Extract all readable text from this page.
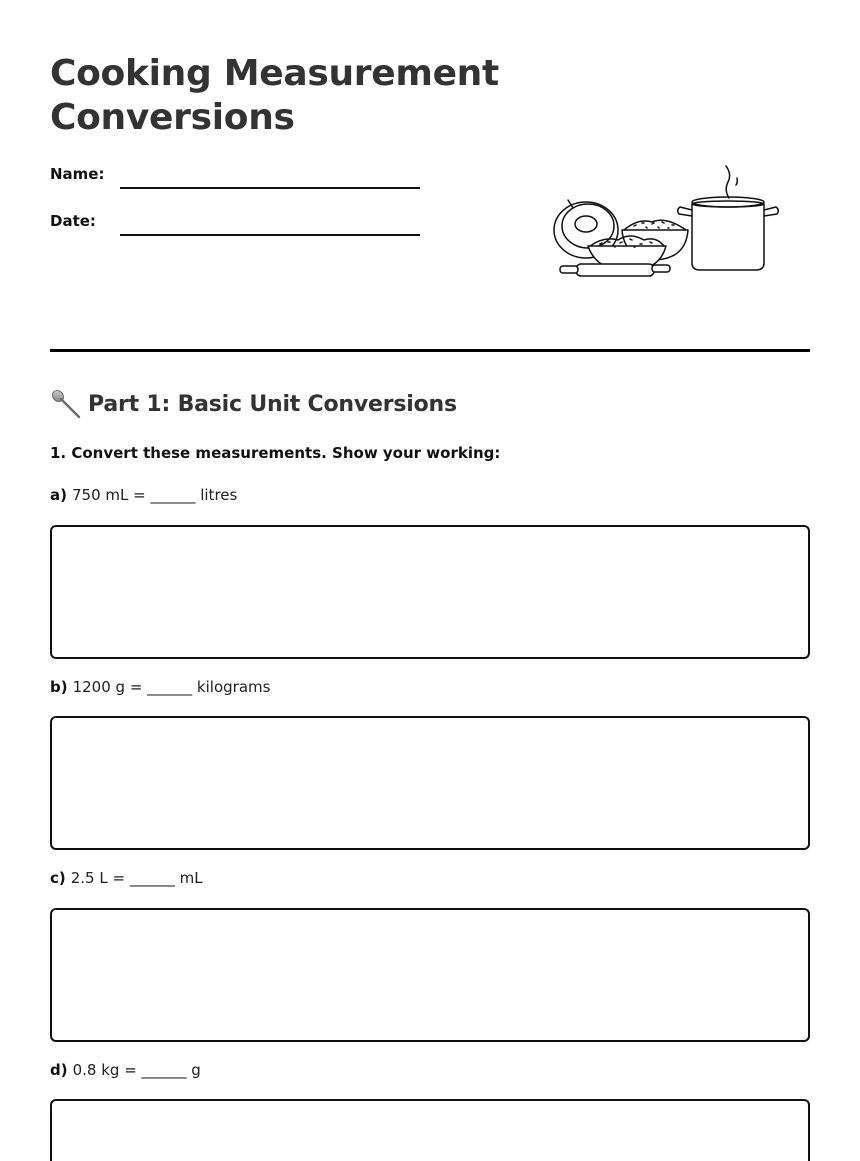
Cooking Measurement Conversions
Name:
Date:
Part 1: Basic Unit Conversions
1. Convert these measurements. Show your working:
a) 750 mL = ______ litres
b) 1200 g = ______ kilograms
c) 2.5 L = ______ mL
d) 0.8 kg = ______ g
